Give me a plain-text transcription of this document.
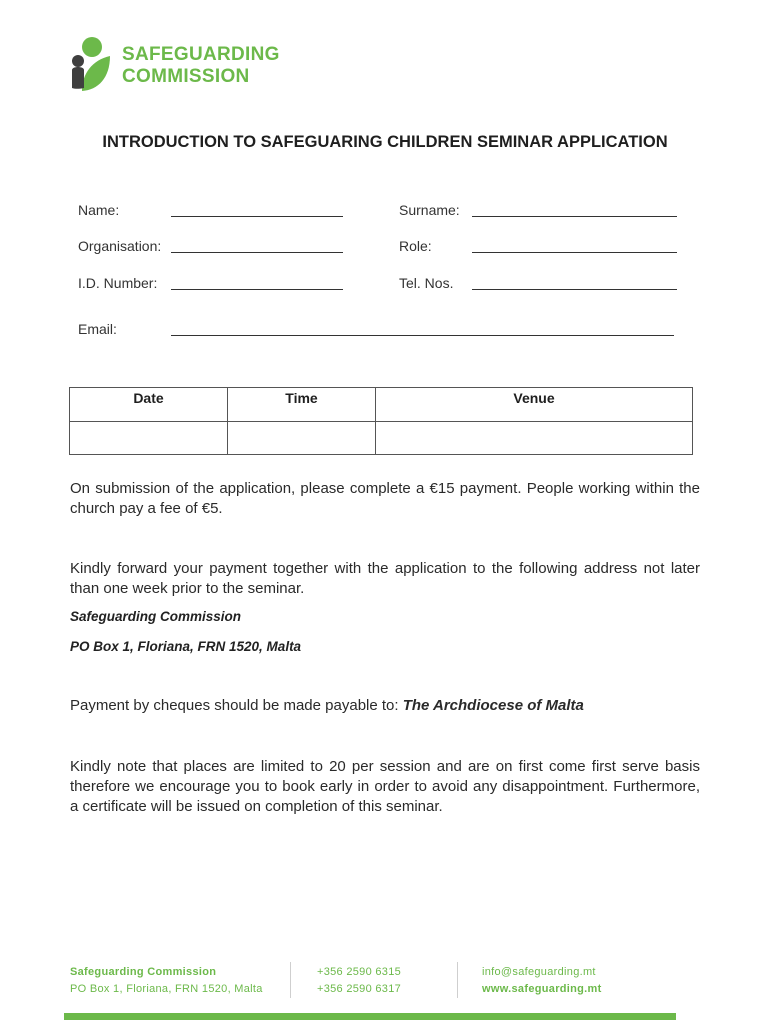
SAFEGUARDING
COMMISSION
INTRODUCTION TO SAFEGUARING CHILDREN SEMINAR APPLICATION
Name:	Surname:
Organisation:	Role:
I.D. Number:	Tel. Nos.
Email:
Date	Time	Venue

On submission of the application, please complete a €15 payment. People working within the church pay a fee of €5.
Kindly forward your payment together with the application to the following address not later than one week prior to the seminar.
Safeguarding Commission
PO Box 1, Floriana, FRN 1520, Malta
Payment by cheques should be made payable to: The Archdiocese of Malta
Kindly note that places are limited to 20 per session and are on first come first serve basis therefore we encourage you to book early in order to avoid any disappointment. Furthermore, a certificate will be issued on completion of this seminar.
Safeguarding Commission
PO Box 1, Floriana, FRN 1520, Malta
+356 2590 6315
+356 2590 6317
info@safeguarding.mt
www.safeguarding.mt
